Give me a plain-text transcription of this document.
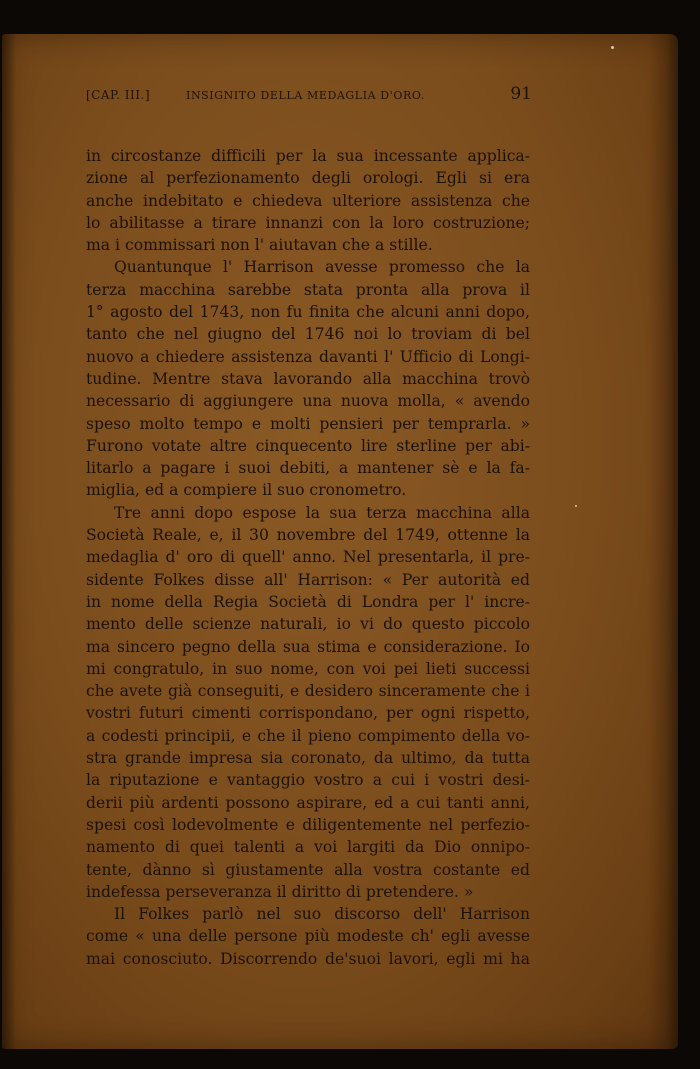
[CAP. III.]	INSIGNITO DELLA MEDAGLIA D'ORO.	91
in circostanze difficili per la sua incessante applica-
zione al perfezionamento degli orologi. Egli si era
anche indebitato e chiedeva ulteriore assistenza che
lo abilitasse a tirare innanzi con la loro costruzione;
ma i commissari non l' aiutavan che a stille.
Quantunque l' Harrison avesse promesso che la
terza macchina sarebbe stata pronta alla prova il
1° agosto del 1743, non fu finita che alcuni anni dopo,
tanto che nel giugno del 1746 noi lo troviam di bel
nuovo a chiedere assistenza davanti l' Ufficio di Longi-
tudine. Mentre stava lavorando alla macchina trovò
necessario di aggiungere una nuova molla, « avendo
speso molto tempo e molti pensieri per temprarla. »
Furono votate altre cinquecento lire sterline per abi-
litarlo a pagare i suoi debiti, a mantener sè e la fa-
miglia, ed a compiere il suo cronometro.
Tre anni dopo espose la sua terza macchina alla
Società Reale, e, il 30 novembre del 1749, ottenne la
medaglia d' oro di quell' anno. Nel presentarla, il pre-
sidente Folkes disse all' Harrison: « Per autorità ed
in nome della Regia Società di Londra per l' incre-
mento delle scienze naturali, io vi do questo piccolo
ma sincero pegno della sua stima e considerazione. Io
mi congratulo, in suo nome, con voi pei lieti successi
che avete già conseguiti, e desidero sinceramente che i
vostri futuri cimenti corrispondano, per ogni rispetto,
a codesti principii, e che il pieno compimento della vo-
stra grande impresa sia coronato, da ultimo, da tutta
la riputazione e vantaggio vostro a cui i vostri desi-
derii più ardenti possono aspirare, ed a cui tanti anni,
spesi così lodevolmente e diligentemente nel perfezio-
namento di quei talenti a voi largiti da Dio onnipo-
tente, dànno sì giustamente alla vostra costante ed
indefessa perseveranza il diritto di pretendere. »
Il Folkes parlò nel suo discorso dell' Harrison
come « una delle persone più modeste ch' egli avesse
mai conosciuto. Discorrendo de'suoi lavori, egli mi ha
